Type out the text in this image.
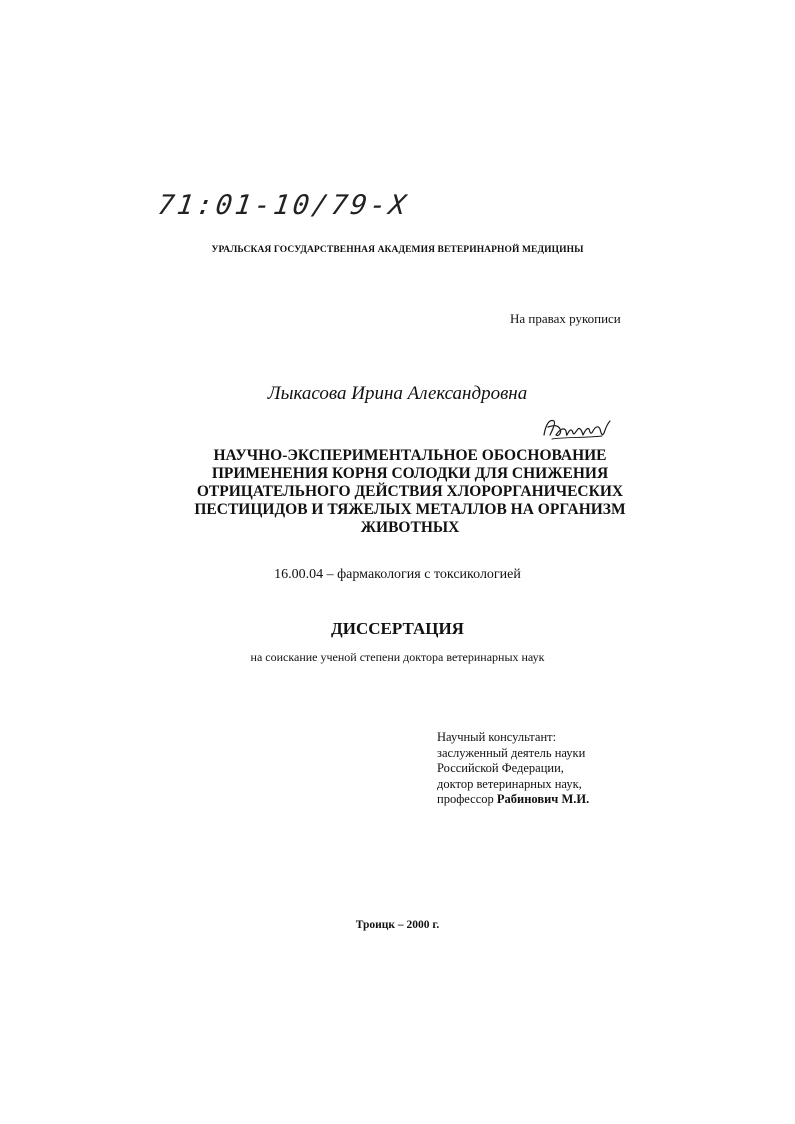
71:01-10/79-X
УРАЛЬСКАЯ ГОСУДАРСТВЕННАЯ АКАДЕМИЯ ВЕТЕРИНАРНОЙ МЕДИЦИНЫ
На правах рукописи
Лыкасова Ирина Александровна
НАУЧНО-ЭКСПЕРИМЕНТАЛЬНОЕ ОБОСНОВАНИЕ
ПРИМЕНЕНИЯ КОРНЯ СОЛОДКИ ДЛЯ СНИЖЕНИЯ
ОТРИЦАТЕЛЬНОГО ДЕЙСТВИЯ ХЛОРОРГАНИЧЕСКИХ
ПЕСТИЦИДОВ И ТЯЖЕЛЫХ МЕТАЛЛОВ НА ОРГАНИЗМ
ЖИВОТНЫХ
16.00.04 – фармакология с токсикологией
ДИССЕРТАЦИЯ
на соискание ученой степени доктора ветеринарных наук
Научный консультант:
заслуженный деятель науки
Российской Федерации,
доктор ветеринарных наук,
профессор Рабинович М.И.
Троицк – 2000 г.
